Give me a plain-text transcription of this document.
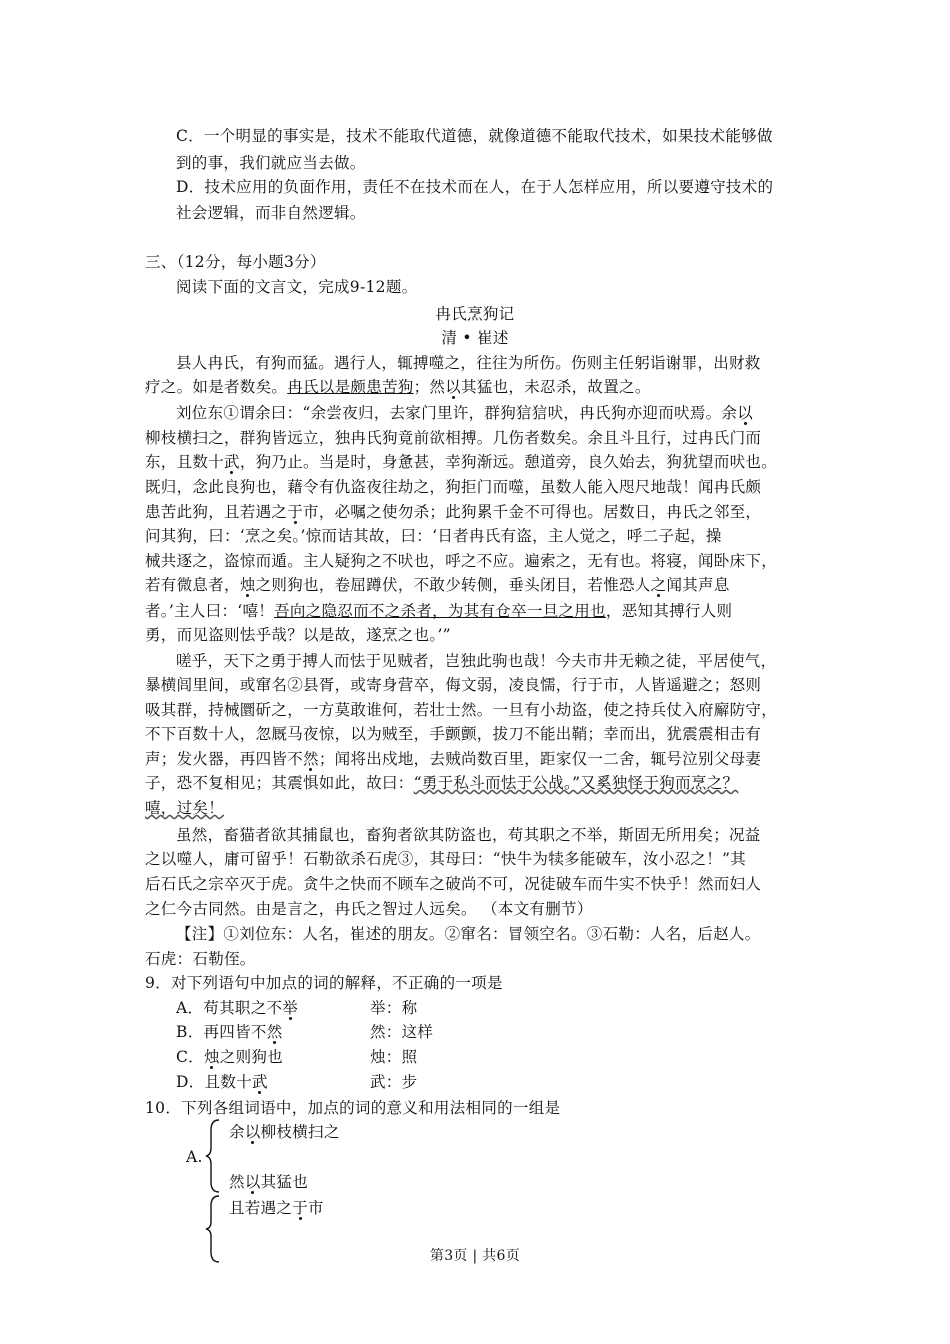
C．一个明显的事实是，技术不能取代道德，就像道德不能取代技术，如果技术能够做
到的事，我们就应当去做。
D．技术应用的负面作用，责任不在技术而在人，在于人怎样应用，所以要遵守技术的
社会逻辑，而非自然逻辑。
三、（12分，每小题3分）
阅读下面的文言文，完成9-12题。
冉氏烹狗记
清 • 崔述
县人冉氏，有狗而猛。遇行人，辄搏噬之，往往为所伤。伤则主任躬诣谢罪，出财救
疗之。如是者数矣。冉氏以是颇患苦狗；然以其猛也，未忍杀，故置之。
刘位东①谓余曰：“余尝夜归，去家门里许，群狗狺狺吠，冉氏狗亦迎而吠焉。余以
柳枝横扫之，群狗皆远立，独冉氏狗竟前欲相搏。几伤者数矣。余且斗且行，过冉氏门而
东，且数十武，狗乃止。当是时，身惫甚，幸狗渐远。憩道旁，良久始去，狗犹望而吠也。
既归，念此良狗也，藉令有仇盗夜往劫之，狗拒门而噬，虽数人能入咫尺地哉！闻冉氏颇
患苦此狗，且若遇之于市，必嘱之使勿杀；此狗累千金不可得也。居数日，冉氏之邻至，
问其狗，曰：‘烹之矣。’惊而诘其故，曰：‘日者冉氏有盗，主人觉之，呼二子起，操
械共逐之，盗惊而遁。主人疑狗之不吠也，呼之不应。遍索之，无有也。将寝，闻卧床下，
若有微息者，烛之则狗也，卷屈蹲伏，不敢少转侧，垂头闭目，若惟恐人之闻其声息
者。’主人曰：‘嘻！吾向之隐忍而不之杀者，为其有仓卒一旦之用也，恶知其搏行人则
勇，而见盗则怯乎哉？以是故，遂烹之也。’”
嗟乎，天下之勇于搏人而怯于见贼者，岂独此驹也哉！今夫市井无赖之徒，平居使气，
暴横闾里间，或窜名②县胥，或寄身营卒，侮文弱，凌良懦，行于市，人皆遥避之；怒则
吸其群，持械圜斫之，一方莫敢谁何，若壮士然。一旦有小劫盗，使之持兵仗入府廨防守，
不下百数十人，忽厩马夜惊，以为贼至，手颤颤，拔刀不能出鞘；幸而出，犹震震相击有
声；发火器，再四皆不然；闻将出戍地，去贼尚数百里，距家仅一二舍，辄号泣别父母妻
子，恐不复相见；其震惧如此，故曰：“勇于私斗而怯于公战。”又奚独怪于狗而烹之？
嘻，过矣！
虽然，畜猫者欲其捕鼠也，畜狗者欲其防盗也，苟其职之不举，斯固无所用矣；况益
之以噬人，庸可留乎！石勒欲杀石虎③，其母曰：“快牛为犊多能破车，汝小忍之！”其
后石氏之宗卒灭于虎。贪牛之快而不顾车之破尚不可，况徒破车而牛实不快乎！然而妇人
之仁今古同然。由是言之，冉氏之智过人远矣。 （本文有删节）
【注】①刘位东：人名，崔述的朋友。②窜名：冒领空名。③石勒：人名，后赵人。
石虎：石勒侄。
9．对下列语句中加点的词的解释，不正确的一项是
A．苟其职之不举	举：称
B．再四皆不然	然：这样
C．烛之则狗也	烛：照
D．且数十武	武：步
10．下列各组词语中，加点的词的意义和用法相同的一组是
A.
余以柳枝横扫之
然以其猛也
且若遇之于市
第3页 | 共6页
